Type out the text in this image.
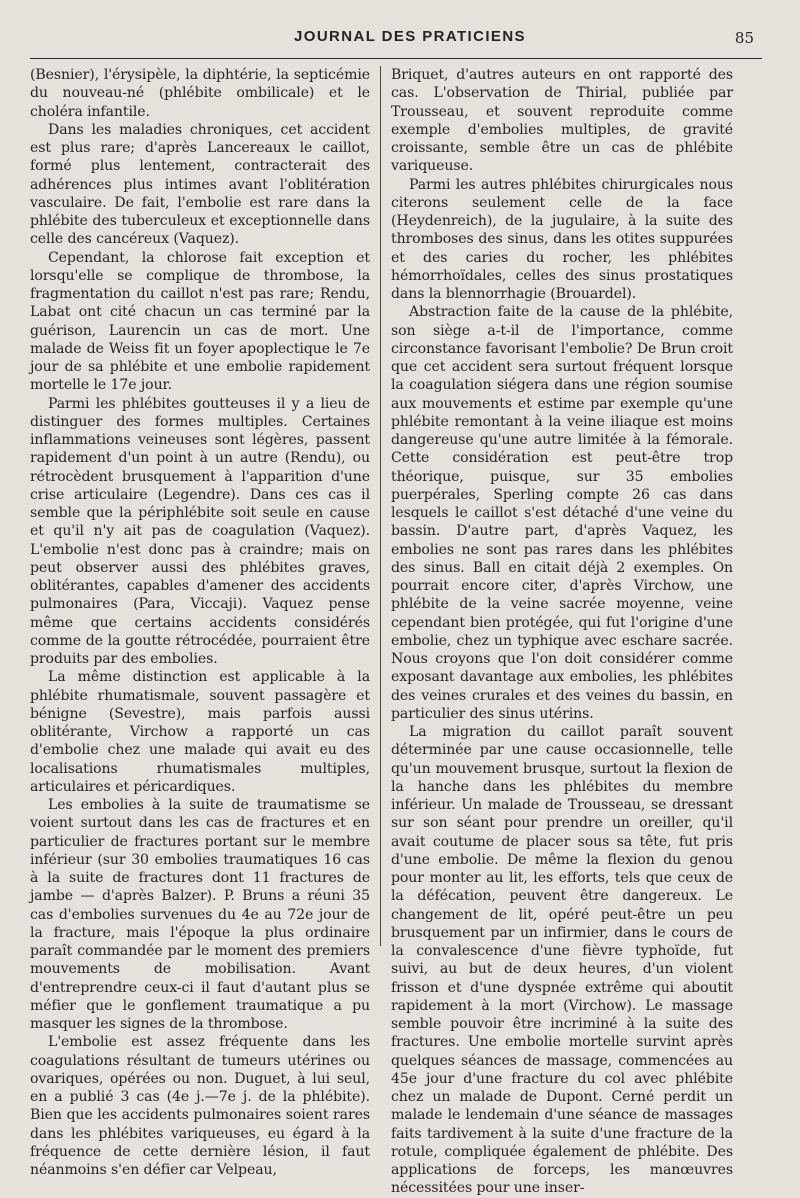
JOURNAL DES PRATICIENS	85

(Besnier), l'érysipèle, la diphtérie, la septicémie du nouveau-né (phlébite ombilicale) et le choléra infantile.

Dans les maladies chroniques, cet accident est plus rare; d'après Lancereaux le caillot, formé plus lentement, contracterait des adhérences plus intimes avant l'oblitération vasculaire. De fait, l'embolie est rare dans la phlébite des tuberculeux et exceptionnelle dans celle des cancéreux (Vaquez).

Cependant, la chlorose fait exception et lorsqu'elle se complique de thrombose, la fragmentation du caillot n'est pas rare; Rendu, Labat ont cité chacun un cas terminé par la guérison, Laurencin un cas de mort. Une malade de Weiss fit un foyer apoplectique le 7e jour de sa phlébite et une embolie rapidement mortelle le 17e jour.

Parmi les phlébites goutteuses il y a lieu de distinguer des formes multiples. Certaines inflammations veineuses sont légères, passent rapidement d'un point à un autre (Rendu), ou rétrocèdent brusquement à l'apparition d'une crise articulaire (Legendre). Dans ces cas il semble que la périphlébite soit seule en cause et qu'il n'y ait pas de coagulation (Vaquez). L'embolie n'est donc pas à craindre; mais on peut observer aussi des phlébites graves, oblitérantes, capables d'amener des accidents pulmonaires (Para, Viccaji). Vaquez pense même que certains accidents considérés comme de la goutte rétrocédée, pourraient être produits par des embolies.

La même distinction est applicable à la phlébite rhumatismale, souvent passagère et bénigne (Sevestre), mais parfois aussi oblitérante, Virchow a rapporté un cas d'embolie chez une malade qui avait eu des localisations rhumatismales multiples, articulaires et péricardiques.

Les embolies à la suite de traumatisme se voient surtout dans les cas de fractures et en particulier de fractures portant sur le membre inférieur (sur 30 embolies traumatiques 16 cas à la suite de fractures dont 11 fractures de jambe — d'après Balzer). P. Bruns a réuni 35 cas d'embolies survenues du 4e au 72e jour de la fracture, mais l'époque la plus ordinaire paraît commandée par le moment des premiers mouvements de mobilisation. Avant d'entreprendre ceux-ci il faut d'autant plus se méfier que le gonflement traumatique a pu masquer les signes de la thrombose.

L'embolie est assez fréquente dans les coagulations résultant de tumeurs utérines ou ovariques, opérées ou non. Duguet, à lui seul, en a publié 3 cas (4e j.—7e j. de la phlébite). Bien que les accidents pulmonaires soient rares dans les phlébites variqueuses, eu égard à la fréquence de cette dernière lésion, il faut néanmoins s'en défier car Velpeau,

Briquet, d'autres auteurs en ont rapporté des cas. L'observation de Thirial, publiée par Trousseau, et souvent reproduite comme exemple d'embolies multiples, de gravité croissante, semble être un cas de phlébite variqueuse.

Parmi les autres phlébites chirurgicales nous citerons seulement celle de la face (Heydenreich), de la jugulaire, à la suite des thromboses des sinus, dans les otites suppurées et des caries du rocher, les phlébites hémorrhoïdales, celles des sinus prostatiques dans la blennorrhagie (Brouardel).

Abstraction faite de la cause de la phlébite, son siège a-t-il de l'importance, comme circonstance favorisant l'embolie? De Brun croit que cet accident sera surtout fréquent lorsque la coagulation siégera dans une région soumise aux mouvements et estime par exemple qu'une phlébite remontant à la veine iliaque est moins dangereuse qu'une autre limitée à la fémorale. Cette considération est peut-être trop théorique, puisque, sur 35 embolies puerpérales, Sperling compte 26 cas dans lesquels le caillot s'est détaché d'une veine du bassin. D'autre part, d'après Vaquez, les embolies ne sont pas rares dans les phlébites des sinus. Ball en citait déjà 2 exemples. On pourrait encore citer, d'après Virchow, une phlébite de la veine sacrée moyenne, veine cependant bien protégée, qui fut l'origine d'une embolie, chez un typhique avec eschare sacrée. Nous croyons que l'on doit considérer comme exposant davantage aux embolies, les phlébites des veines crurales et des veines du bassin, en particulier des sinus utérins.

La migration du caillot paraît souvent déterminée par une cause occasionnelle, telle qu'un mouvement brusque, surtout la flexion de la hanche dans les phlébites du membre inférieur. Un malade de Trousseau, se dressant sur son séant pour prendre un oreiller, qu'il avait coutume de placer sous sa tête, fut pris d'une embolie. De même la flexion du genou pour monter au lit, les efforts, tels que ceux de la défécation, peuvent être dangereux. Le changement de lit, opéré peut-être un peu brusquement par un infirmier, dans le cours de la convalescence d'une fièvre typhoïde, fut suivi, au but de deux heures, d'un violent frisson et d'une dyspnée extrême qui aboutit rapidement à la mort (Virchow). Le massage semble pouvoir être incriminé à la suite des fractures. Une embolie mortelle survint après quelques séances de massage, commencées au 45e jour d'une fracture du col avec phlébite chez un malade de Dupont. Cerné perdit un malade le lendemain d'une séance de massages faits tardivement à la suite d'une fracture de la rotule, compliquée également de phlébite. Des applications de forceps, les manœuvres nécessitées pour une inser-
